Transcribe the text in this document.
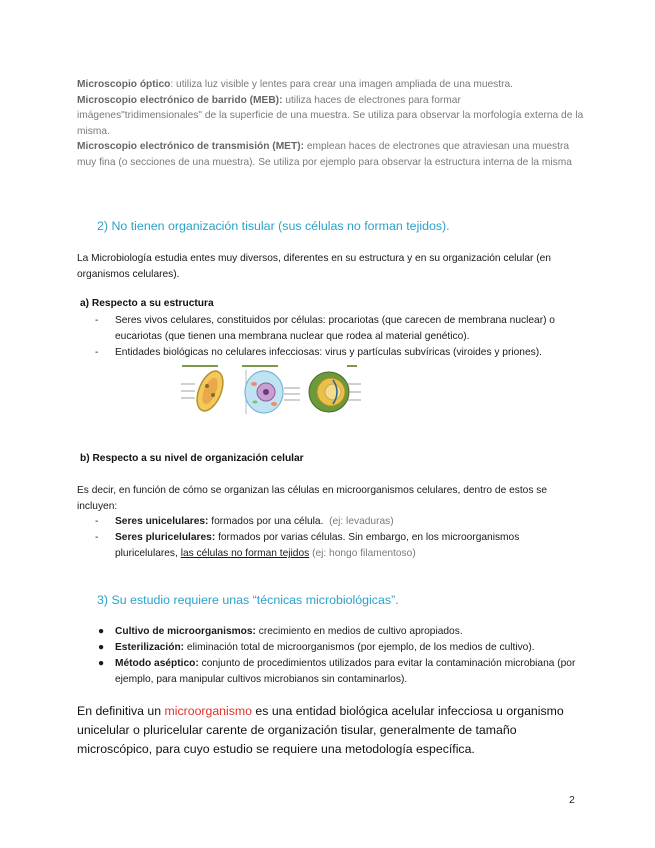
Microscopio óptico: utiliza luz visible y lentes para crear una imagen ampliada de una muestra.
Microscopio electrónico de barrido (MEB): utiliza haces de electrones para formar imágenes"tridimensionales" de la superficie de una muestra. Se utiliza para observar la morfología externa de la misma.
Microscopio electrónico de transmisión (MET): emplean haces de electrones que atraviesan una muestra muy fina (o secciones de una muestra). Se utiliza por ejemplo para observar la estructura interna de la misma
2) No tienen organización tisular (sus células no forman tejidos).
La Microbiología estudia entes muy diversos, diferentes en su estructura y en su organización celular (en organismos celulares).
a) Respecto a su estructura
- Seres vivos celulares, constituidos por células: procariotas (que carecen de membrana nuclear) o eucariotas (que tienen una membrana nuclear que rodea al material genético).
- Entidades biológicas no celulares infecciosas: virus y partículas subvíricas (viroides y priones).
b) Respecto a su nivel de organización celular
Es decir, en función de cómo se organizan las células en microorganismos celulares, dentro de estos se incluyen:
- Seres unicelulares: formados por una célula. (ej: levaduras)
- Seres pluricelulares: formados por varias células. Sin embargo, en los microorganismos pluricelulares, las células no forman tejidos (ej: hongo filamentoso)
3) Su estudio requiere unas “técnicas microbiológicas”.
● Cultivo de microorganismos: crecimiento en medios de cultivo apropiados.
● Esterilización: eliminación total de microorganismos (por ejemplo, de los medios de cultivo).
● Método aséptico: conjunto de procedimientos utilizados para evitar la contaminación microbiana (por ejemplo, para manipular cultivos microbianos sin contaminarlos).
En definitiva un microorganismo es una entidad biológica acelular infecciosa u organismo unicelular o pluricelular carente de organización tisular, generalmente de tamaño microscópico, para cuyo estudio se requiere una metodología específica.
2
